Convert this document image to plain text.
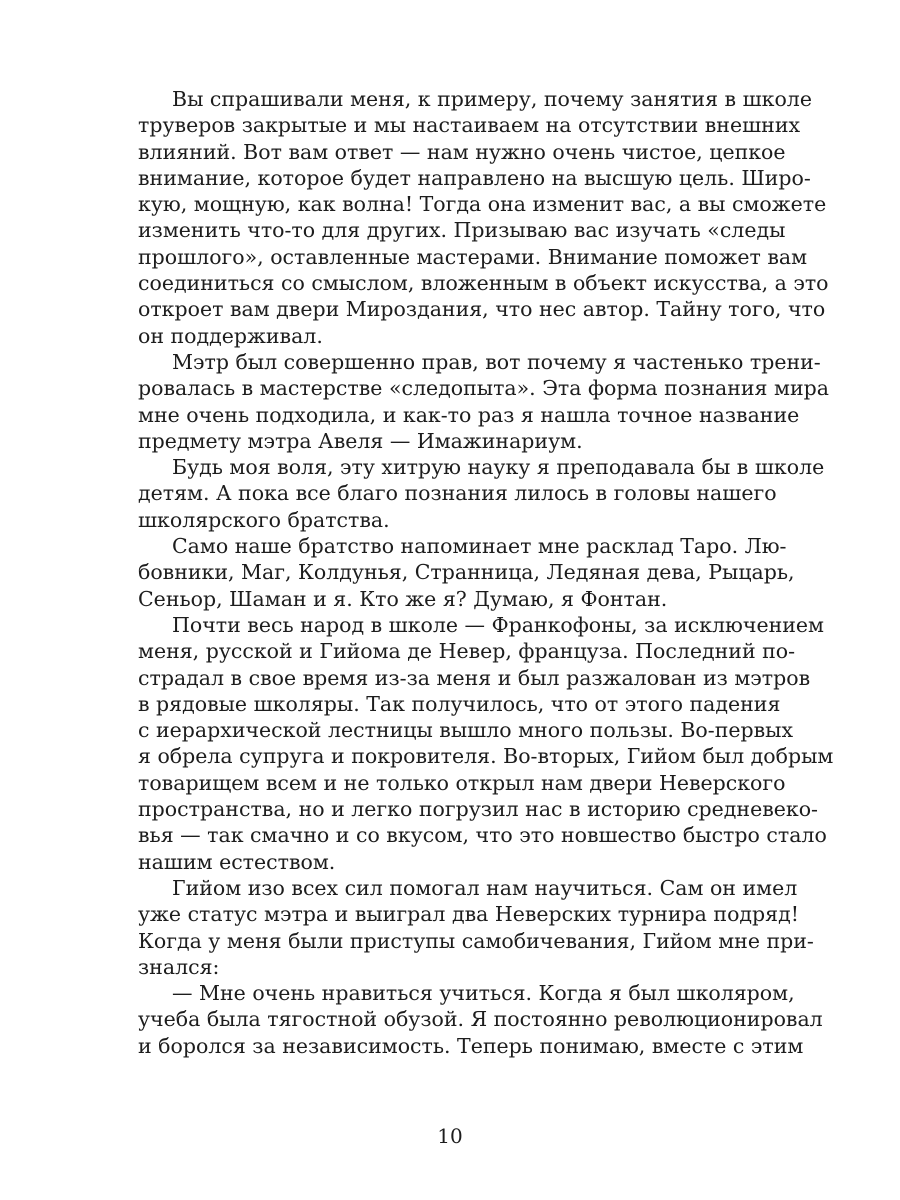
Вы спрашивали меня, к примеру, почему занятия в школе
труверов закрытые и мы настаиваем на отсутствии внешних
влияний. Вот вам ответ — нам нужно очень чистое, цепкое
внимание, которое будет направлено на высшую цель. Широ-
кую, мощную, как волна! Тогда она изменит вас, а вы сможете
изменить что-то для других. Призываю вас изучать «следы
прошлого», оставленные мастерами. Внимание поможет вам
соединиться со смыслом, вложенным в объект искусства, а это
откроет вам двери Мироздания, что нес автор. Тайну того, что
он поддерживал.
Мэтр был совершенно прав, вот почему я частенько трени-
ровалась в мастерстве «следопыта». Эта форма познания мира
мне очень подходила, и как-то раз я нашла точное название
предмету мэтра Авеля — Имажинариум.
Будь моя воля, эту хитрую науку я преподавала бы в школе
детям. А пока все благо познания лилось в головы нашего
школярского братства.
Само наше братство напоминает мне расклад Таро. Лю-
бовники, Маг, Колдунья, Странница, Ледяная дева, Рыцарь,
Сеньор, Шаман и я. Кто же я? Думаю, я Фонтан.
Почти весь народ в школе — Франкофоны, за исключением
меня, русской и Гийома де Невер, француза. Последний по-
страдал в свое время из-за меня и был разжалован из мэтров
в рядовые школяры. Так получилось, что от этого падения
с иерархической лестницы вышло много пользы. Во-первых
я обрела супруга и покровителя. Во-вторых, Гийом был добрым
товарищем всем и не только открыл нам двери Неверского
пространства, но и легко погрузил нас в историю средневеко-
вья — так смачно и со вкусом, что это новшество быстро стало
нашим естеством.
Гийом изо всех сил помогал нам научиться. Сам он имел
уже статус мэтра и выиграл два Неверских турнира подряд!
Когда у меня были приступы самобичевания, Гийом мне при-
знался:
— Мне очень нравиться учиться. Когда я был школяром,
учеба была тягостной обузой. Я постоянно революционировал
и боролся за независимость. Теперь понимаю, вместе с этим
10
